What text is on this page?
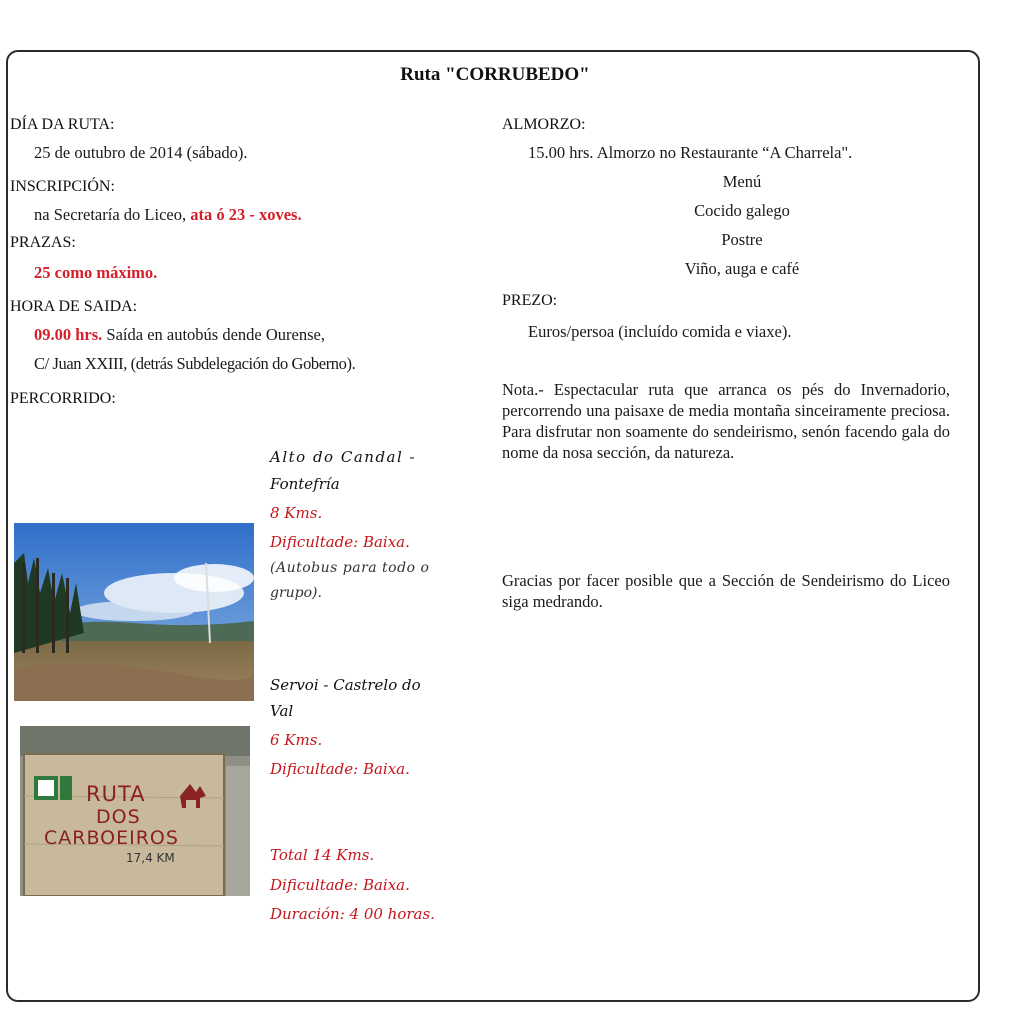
Ruta "CORRUBEDO"
DÍA DA RUTA:
25 de outubro de 2014 (sábado).
INSCRIPCIÓN:
na Secretaría do Liceo, ata ó 23 - xoves.
PRAZAS:
25 como máximo.
HORA DE SAIDA:
09.00 hrs. Saída en autobús dende Ourense,
C/ Juan XXIII, (detrás Subdelegación do Goberno).
PERCORRIDO:
RUTA
DOS
CARBOEIROS
17,4 KM
Alto do Candal -
Fontefría
8 Kms.
Dificultade: Baixa.
(Autobus para todo o
grupo).
Servoi - Castrelo do
Val
6 Kms.
Dificultade: Baixa.
Total 14 Kms.
Dificultade: Baixa.
Duración: 4 00 horas.
ALMORZO:
15.00 hrs. Almorzo no Restaurante “A Charrela".
Menú
Cocido galego
Postre
Viño, auga e café
PREZO:
Euros/persoa (incluído comida e viaxe).
Nota.- Espectacular ruta que arranca os pés do Invernadorio, percorrendo una paisaxe de media montaña sinceiramente preciosa. Para disfrutar non soamente do sendeirismo, senón facendo gala do nome da nosa sección, da natureza.
Gracias por facer posible que a Sección de Sendeirismo do Liceo siga medrando.
